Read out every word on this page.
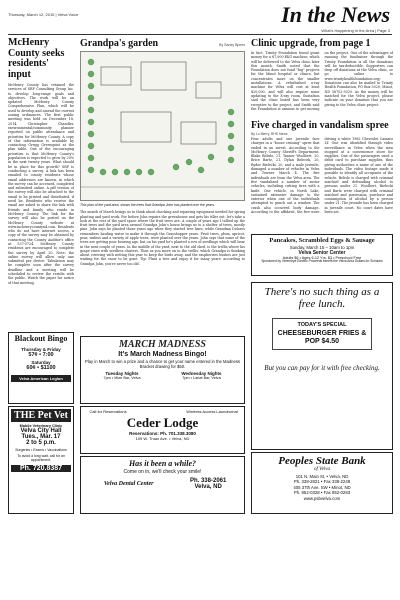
Thursday, March 12, 2015 | Velva Voice	In the News
What's Happening in the Area | Page 3
McHenry County seeks residents' input
McHenry County has retained the services of SRF Consulting Group Inc. to develop long-range goals and objectives. The work will be an updated McHenry County Comprehensive Plan, which will be used to develop and amend the current zoning ordinances. The first public meeting was held on December 18, 2014. Christopher Chandler, environmental/community planner reported on public attendance and priorities for McHenry County. A copy of this information is available by contacting Gregg Greenquist at the plan table. One of the encouraging priorities is that McHenry County's population is expected to grow by 20% in the next twenty years. What should be in place for this growth? SRF is conducting a survey. A link has been emailed to county residents whose email addresses are known, in which the survey can be accessed, completed and submitted online. A pdf version of the survey will also be attached to the email to be printed and distributed, if need be. Residents who receive the email are asked to share the link with friends and family who reside in McHenry County. The link for the survey will also be posted on the McHenry County website at www.mchenrycountynd.com. Residents who do not have internet access, a copy of the survey may be obtained by contacting the County Auditor's office at 537-5724. McHenry County residents are encouraged to complete the survey by April 20. Note: the online survey will allow only one submittal per device. Tabulation may be complete soon after the survey deadline and a meeting will be scheduled to review the results with the public. Watch the paper for notice of that meeting.
Grandpa's garden	By Sandy Bjores
This plan of the yard area, shows the trees that Grandpa John has planted over the years.
The month of March brings us to think about checking and repairing equipment needed for spring planting and yard work. For before John repairs the greenhouse and gets his tiller out, let's take a look at the rest of the yard space where the fruit trees are. A couple of years ago I tallied up the fruit trees and the yard area around Grandpa John's house brings us to a shelter of trees, mostly pine. John says he planted those years ago when they started tree lines, while Grandma Dolores remembers hauling water to make it through the Grasshopper years. Fruit trees, plum, apricot, pear, walnut and a variety of apple trees, were planted over the years. John says that some of the trees are getting poor bearing age, but on his yard he's planted a row of seedlings which will bear in the next couple of years. In the middle of the yard, next to the old shed, is the trellis where his grape vines with seedless clusters. Then as you move on to the trellis, which Grandpa is thinking about covering with netting this year to keep the birds away, and the raspberries bushes are just waiting for the snow to be gone. Tip: Plant a tree and enjoy it for many years: according to Grandpa John, you're never too old.
Clinic upgrade, from page 1
In fact, Trinity Foundation found grant money for a $7,000 EKG machine, which will be delivered to the Velva clinic later this month. Smith noted that the Foundation does not fund "big" projects for the Minot hospital or clinics, but concentrates more on the smaller installations. A refurbished x-ray machine for Velva will cost at least $20,000, and will also require some updating to the X-ray room. Gustafson said the clinic board has been very receptive to the project, and Smith said the Foundation is anxious to get moving on the project. One of the advantages of running the fundraiser through the Trinity Foundation is all the donations will be tax-deductible. Supporters can drop off donations at the Velva clinic, or go online to www.trinityhealthfoundation.org/. Donations can also be mailed to Trinity Health Foundation, PO Box 5020, Minot, ND 58702-5020. As the money will be matched for the Velva project, please indicate on your donation that you are giving to the Velva clinic project.
Five charged in vandalism spree
By Lu Merry, RHS News
Four adults and one juvenile face charges in a "booze cruising" spree that ended in an arrest. According to the McHenry County Sheriff's Department, Blake Belisle, 21, Tanner Woolbert, 20, Brice Bartz, 21, Dylan Belecek, 20, Ryder Bielecki, 20, and a male juvenile, damaged a number of vehicles in Velva and Towner March 4. The five individuals are from the Velva area. The five vandalized a number of motor vehicles, including cutting tires with a knife. One vehicle, in North Lake, sustained extensive damage to the exterior when one of the individuals attempted to punch out a window. The crash also occurred body damage. According to the affidavit, the five were driving a white 1982 Chevrolet Camaro LT. One was identified through video surveillance in Velva when the men stopped at a convenience store for supplies. One of the passengers used a debit card to purchase supplies, thus giving authorities a name of one of the individuals. The video footage made it possible to identify all occupants of the vehicle. Belisle is charged with criminal mischief and defrauding alcohol to persons under 21. Woolbert, Bielecki and Bartz were charged with criminal mischief and possession, purchase and consumption of alcohol by a person under 21. The juvenile has been charged in juvenile court. No court dates have been set.
Pancakes, Scrambled Eggs & Sausage
Sunday, March 15 – 10am to 1pm
Velva Senior Center
Adults $6 • Ages 6-12 Yrs. $3 • Preschool Free
Sponsored by Verendrye Electric Proceeds benefit the Velva Area Dollars for Scholars
Blackout Bingo
Thursday & Friday
57¢ • 7:00
Saturday
60¢ • $1100
Velva American Legion
THE Pet Vet
Mobile Veterinary Clinic
Velva City Hall
Tues., Mar. 17
2 to 5 p.m.
Surgeries • Exams • Vaccinations
To avoid a long wait, call for an appointment.
Ph. 720.8387
MARCH MADNESS
It's March Madness Bingo!
Play in March to win a prize and a chance to get your name entered in the Madness Bracket drawing for $50.
Tuesday Nights
7pm • Mize Bar, Velva
Wednesday Nights
7pm • Lariat Bar, Velva
Call for Reservations	Wireless Access Laundromat
Ceder Lodge
Reservations: Ph. 701.338.3080
109 W. Truax Ave. • Velva, ND
Has it been a while?
Come on in, we'll check your smile!
Velva Dental Center	Ph. 338-2061
Velva, ND
There's no such thing as a free lunch.
TODAY'S SPECIAL
CHEESEBURGER FRIES & POP $4.50
But you can pay for it with free checking.
Peoples State Bank
of Velva
101 N. Main St. • Velva, ND
Ph. 338-2821 • Fax 338-2248
405 37th Ave. SW • Minot, ND
Ph. 852-0328 • Fax 852-0283
www.psbvelva.com
